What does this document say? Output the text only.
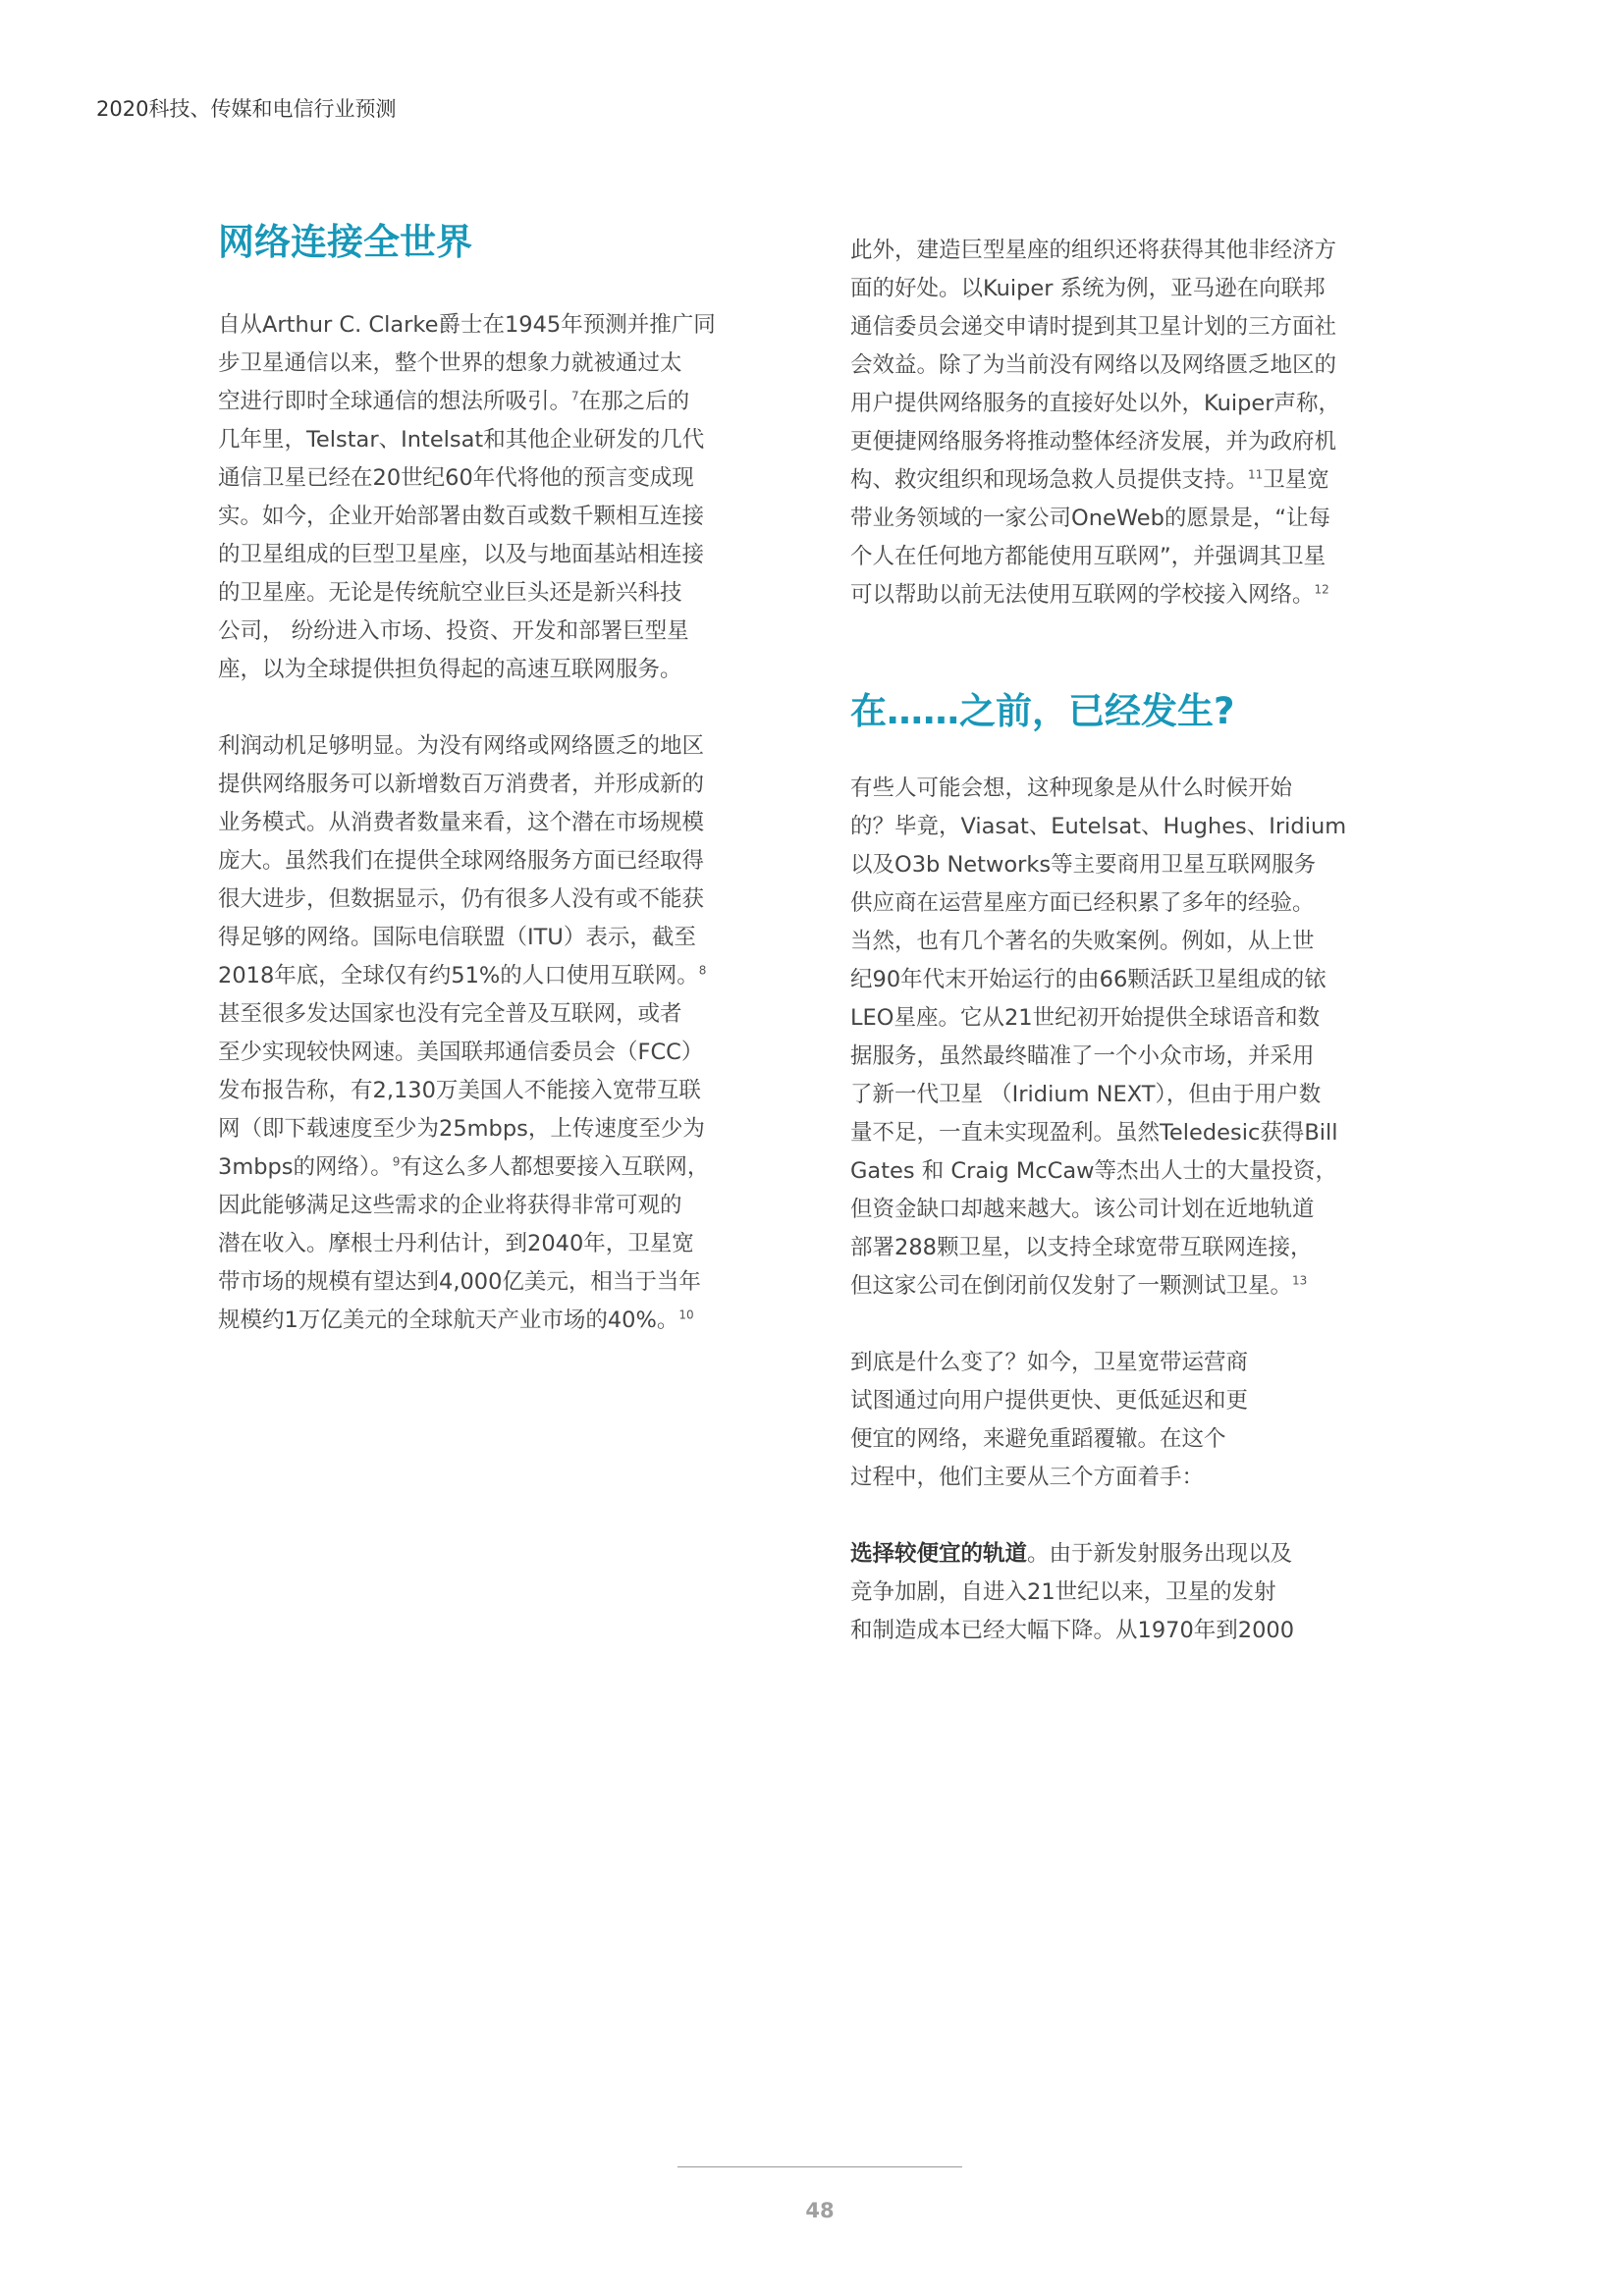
2020科技、传媒和电信行业预测
网络连接全世界
自从Arthur C. Clarke爵士在1945年预测并推广同
步卫星通信以来，整个世界的想象力就被通过太
空进行即时全球通信的想法所吸引。$^7$在那之后的
几年里，Telstar、Intelsat和其他企业研发的几代
通信卫星已经在20世纪60年代将他的预言变成现
实。如今，企业开始部署由数百或数千颗相互连接
的卫星组成的巨型卫星座，以及与地面基站相连接
的卫星座。无论是传统航空业巨头还是新兴科技
公司， 纷纷进入市场、投资、开发和部署巨型星
座，以为全球提供担负得起的高速互联网服务。
利润动机足够明显。为没有网络或网络匮乏的地区
提供网络服务可以新增数百万消费者，并形成新的
业务模式。从消费者数量来看，这个潜在市场规模
庞大。虽然我们在提供全球网络服务方面已经取得
很大进步，但数据显示，仍有很多人没有或不能获
得足够的网络。国际电信联盟（ITU）表示，截至
2018年底，全球仅有约51%的人口使用互联网。$^8$
甚至很多发达国家也没有完全普及互联网，或者
至少实现较快网速。美国联邦通信委员会（FCC）
发布报告称，有2,130万美国人不能接入宽带互联
网（即下载速度至少为25mbps，上传速度至少为
3mbps的网络）。$^9$有这么多人都想要接入互联网，
因此能够满足这些需求的企业将获得非常可观的
潜在收入。摩根士丹利估计，到2040年，卫星宽
带市场的规模有望达到4,000亿美元，相当于当年
规模约1万亿美元的全球航天产业市场的40%。$^{10}$
此外，建造巨型星座的组织还将获得其他非经济方
面的好处。以Kuiper 系统为例，亚马逊在向联邦
通信委员会递交申请时提到其卫星计划的三方面社
会效益。除了为当前没有网络以及网络匮乏地区的
用户提供网络服务的直接好处以外，Kuiper声称，
更便捷网络服务将推动整体经济发展，并为政府机
构、救灾组织和现场急救人员提供支持。$^{11}$卫星宽
带业务领域的一家公司OneWeb的愿景是，“让每
个人在任何地方都能使用互联网”，并强调其卫星
可以帮助以前无法使用互联网的学校接入网络。$^{12}$
在……之前，已经发生?
有些人可能会想，这种现象是从什么时候开始
的？毕竟，Viasat、Eutelsat、Hughes、Iridium
以及O3b Networks等主要商用卫星互联网服务
供应商在运营星座方面已经积累了多年的经验。
当然，也有几个著名的失败案例。例如，从上世
纪90年代末开始运行的由66颗活跃卫星组成的铱
LEO星座。它从21世纪初开始提供全球语音和数
据服务，虽然最终瞄准了一个小众市场，并采用
了新一代卫星 （Iridium NEXT），但由于用户数
量不足，一直未实现盈利。虽然Teledesic获得Bill
Gates 和 Craig McCaw等杰出人士的大量投资，
但资金缺口却越来越大。该公司计划在近地轨道
部署288颗卫星，以支持全球宽带互联网连接，
但这家公司在倒闭前仅发射了一颗测试卫星。$^{13}$
到底是什么变了？如今，卫星宽带运营商
试图通过向用户提供更快、更低延迟和更
便宜的网络，来避免重蹈覆辙。在这个
过程中，他们主要从三个方面着手：
选择较便宜的轨道。由于新发射服务出现以及
竞争加剧，自进入21世纪以来，卫星的发射
和制造成本已经大幅下降。从1970年到2000
48
